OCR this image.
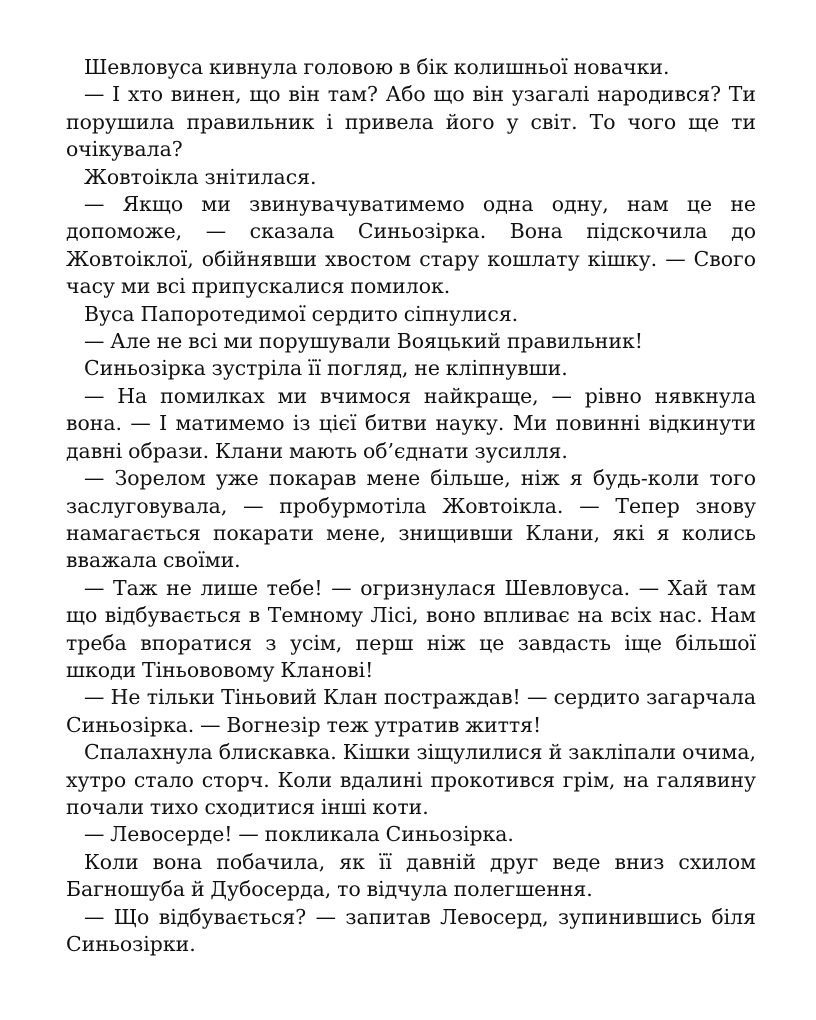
Шевловуса кивнула головою в бік колишньої новачки.

— І хто винен, що він там? Або що він узагалі народився? Ти порушила правильник і привела його у світ. То чого ще ти очікувала?

Жовтоікла знітилася.

— Якщо ми звинувачуватимемо одна одну, нам це не допоможе, — сказала Синьозірка. Вона підскочила до Жовтоіклої, обійнявши хвостом стару кошлату кішку. — Свого часу ми всі припускалися помилок.

Вуса Папоротедимої сердито сіпнулися.

— Але не всі ми порушували Вояцький правильник!

Синьозірка зустріла її погляд, не кліпнувши.

— На помилках ми вчимося найкраще, — рівно нявкнула вона. — І матимемо із цієї битви науку. Ми повинні відкинути давні образи. Клани мають об’єднати зусилля.

— Зорелом уже покарав мене більше, ніж я будь-коли того заслуговувала, — пробурмотіла Жовтоікла. — Тепер знову намагається покарати мене, знищивши Клани, які я колись вважала своїми.

— Таж не лише тебе! — огризнулася Шевловуса. — Хай там що відбувається в Темному Лісі, воно впливає на всіх нас. Нам треба впоратися з усім, перш ніж це завдасть іще більшої шкоди Тіньововому Кланові!

— Не тільки Тіньовий Клан постраждав! — сердито загарчала Синьозірка. — Вогнезір теж утратив життя!

Спалахнула блискавка. Кішки зіщулилися й закліпали очима, хутро стало сторч. Коли вдалині прокотився грім, на галявину почали тихо сходитися інші коти.

— Левосерде! — покликала Синьозірка.

Коли вона побачила, як її давній друг веде вниз схилом Багношуба й Дубосерда, то відчула полегшення.

— Що відбувається? — запитав Левосерд, зупинившись біля Синьозірки.
